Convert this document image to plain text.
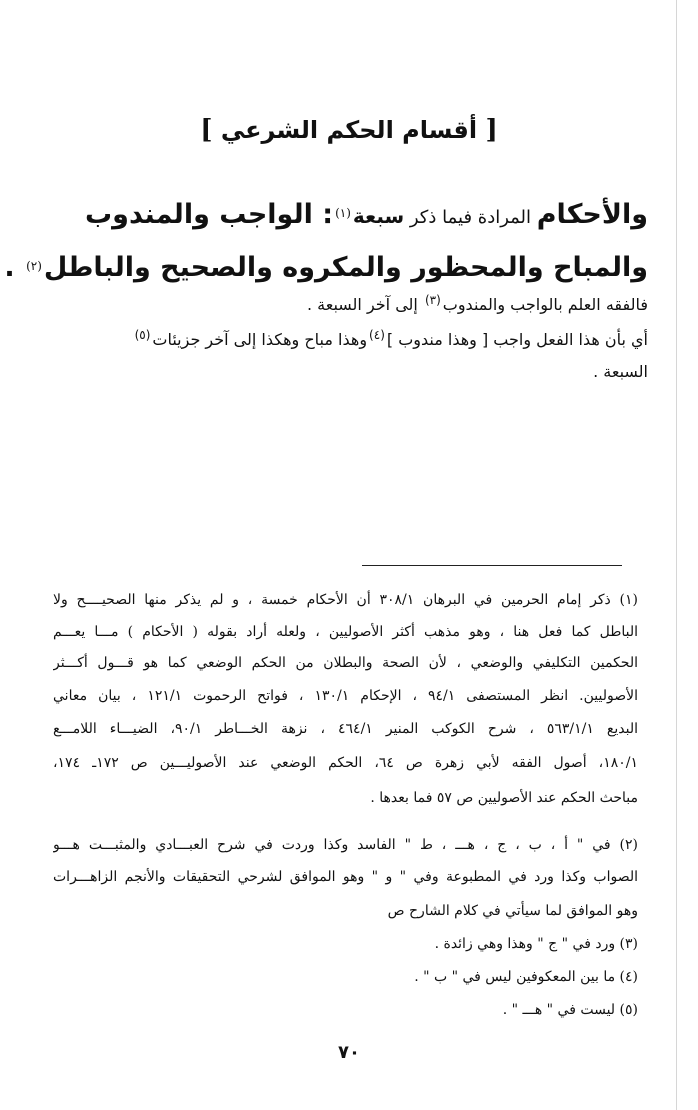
[ أقسام الحكم الشرعي ]
والأحكام المرادة فيما ذكر سبعة$^{(١)}$: الواجب والمندوب
والمباح والمحظور والمكروه والصحيح والباطل$^{(٢)}$ .
فالفقه العلم بالواجب والمندوب$^{(٣)}$ إلى آخر السبعة .
أي بأن هذا الفعل واجب [ وهذا مندوب ]$^{(٤)}$وهذا مباح وهكذا إلى آخر جزيئات$^{(٥)}$
السبعة .
(١) ذكر إمام الحرمين في البرهان ٣٠٨/١ أن الأحكام خمسة ، و لم يذكر منها الصحيــــح ولا
الباطل كما فعل هنا ، وهو مذهب أكثر الأصوليين ، ولعله أراد بقوله ( الأحكام ) مـــا يعـــم
الحكمين التكليفي والوضعي ، لأن الصحة والبطلان من الحكم الوضعي كما هو قـــول أكـــثر
الأصوليين. انظر المستصفى ٩٤/١ ، الإحكام ١٣٠/١ ، فواتح الرحموت ١٢١/١ ، بيان معاني
البديع ٥٦٣/١/١ ، شرح الكوكب المنير ٤٦٤/١ ، نزهة الخـــاطر ٩٠/١، الضيـــاء اللامـــع
١٨٠/١، أصول الفقه لأبي زهرة ص ٦٤، الحكم الوضعي عند الأصوليـــين ص ١٧٢ـ ١٧٤،
مباحث الحكم عند الأصوليين ص ٥٧ فما بعدها .
(٢) في " أ ، ب ، ج ، هـــ ، ط " الفاسد وكذا وردت في شرح العبـــادي والمثبـــت هـــو
الصواب وكذا ورد في المطبوعة وفي " و " وهو الموافق لشرحي التحقيقات والأنجم الزاهـــرات
وهو الموافق لما سيأتي في كلام الشارح ص
(٣) ورد في " ج " وهذا وهي زائدة .
(٤) ما بين المعكوفين ليس في " ب " .
(٥) ليست في " هـــ " .
٧٠
